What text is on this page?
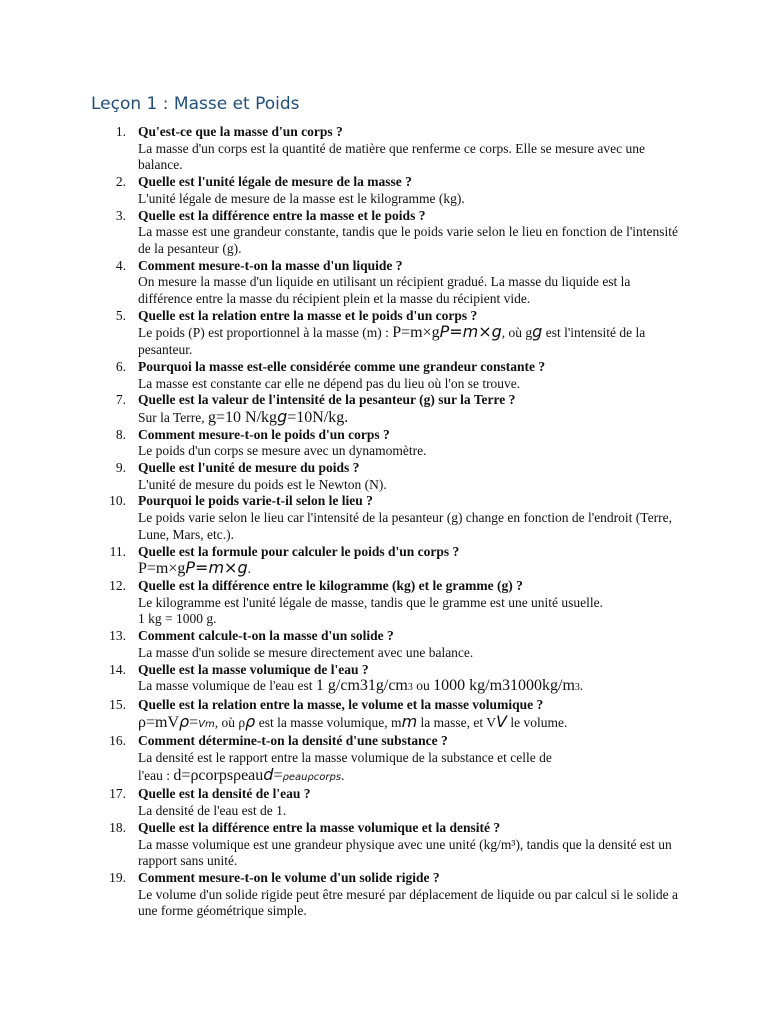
Leçon 1 : Masse et Poids
1. Qu'est-ce que la masse d'un corps ?
La masse d'un corps est la quantité de matière que renferme ce corps. Elle se mesure avec une balance.
2. Quelle est l'unité légale de mesure de la masse ?
L'unité légale de mesure de la masse est le kilogramme (kg).
3. Quelle est la différence entre la masse et le poids ?
La masse est une grandeur constante, tandis que le poids varie selon le lieu en fonction de l'intensité de la pesanteur (g).
4. Comment mesure-t-on la masse d'un liquide ?
On mesure la masse d'un liquide en utilisant un récipient gradué. La masse du liquide est la différence entre la masse du récipient plein et la masse du récipient vide.
5. Quelle est la relation entre la masse et le poids d'un corps ?
Le poids (P) est proportionnel à la masse (m) : P=m×gP=m×g, où gg est l'intensité de la pesanteur.
6. Pourquoi la masse est-elle considérée comme une grandeur constante ?
La masse est constante car elle ne dépend pas du lieu où l'on se trouve.
7. Quelle est la valeur de l'intensité de la pesanteur (g) sur la Terre ?
Sur la Terre, g=10 N/kgg=10N/kg.
8. Comment mesure-t-on le poids d'un corps ?
Le poids d'un corps se mesure avec un dynamomètre.
9. Quelle est l'unité de mesure du poids ?
L'unité de mesure du poids est le Newton (N).
10. Pourquoi le poids varie-t-il selon le lieu ?
Le poids varie selon le lieu car l'intensité de la pesanteur (g) change en fonction de l'endroit (Terre, Lune, Mars, etc.).
11. Quelle est la formule pour calculer le poids d'un corps ?
P=m×gP=m×g.
12. Quelle est la différence entre le kilogramme (kg) et le gramme (g) ?
Le kilogramme est l'unité légale de masse, tandis que le gramme est une unité usuelle.
1 kg = 1000 g.
13. Comment calcule-t-on la masse d'un solide ?
La masse d'un solide se mesure directement avec une balance.
14. Quelle est la masse volumique de l'eau ?
La masse volumique de l'eau est 1 g/cm31g/cm3 ou 1000 kg/m31000kg/m3.
15. Quelle est la relation entre la masse, le volume et la masse volumique ?
ρ=mVρ=Vm, où ρρ est la masse volumique, mm la masse, et VV le volume.
16. Comment détermine-t-on la densité d'une substance ?
La densité est le rapport entre la masse volumique de la substance et celle de
l'eau : d=ρcorpsρeaud=ρeauρcorps.
17. Quelle est la densité de l'eau ?
La densité de l'eau est de 1.
18. Quelle est la différence entre la masse volumique et la densité ?
La masse volumique est une grandeur physique avec une unité (kg/m³), tandis que la densité est un rapport sans unité.
19. Comment mesure-t-on le volume d'un solide rigide ?
Le volume d'un solide rigide peut être mesuré par déplacement de liquide ou par calcul si le solide a une forme géométrique simple.
